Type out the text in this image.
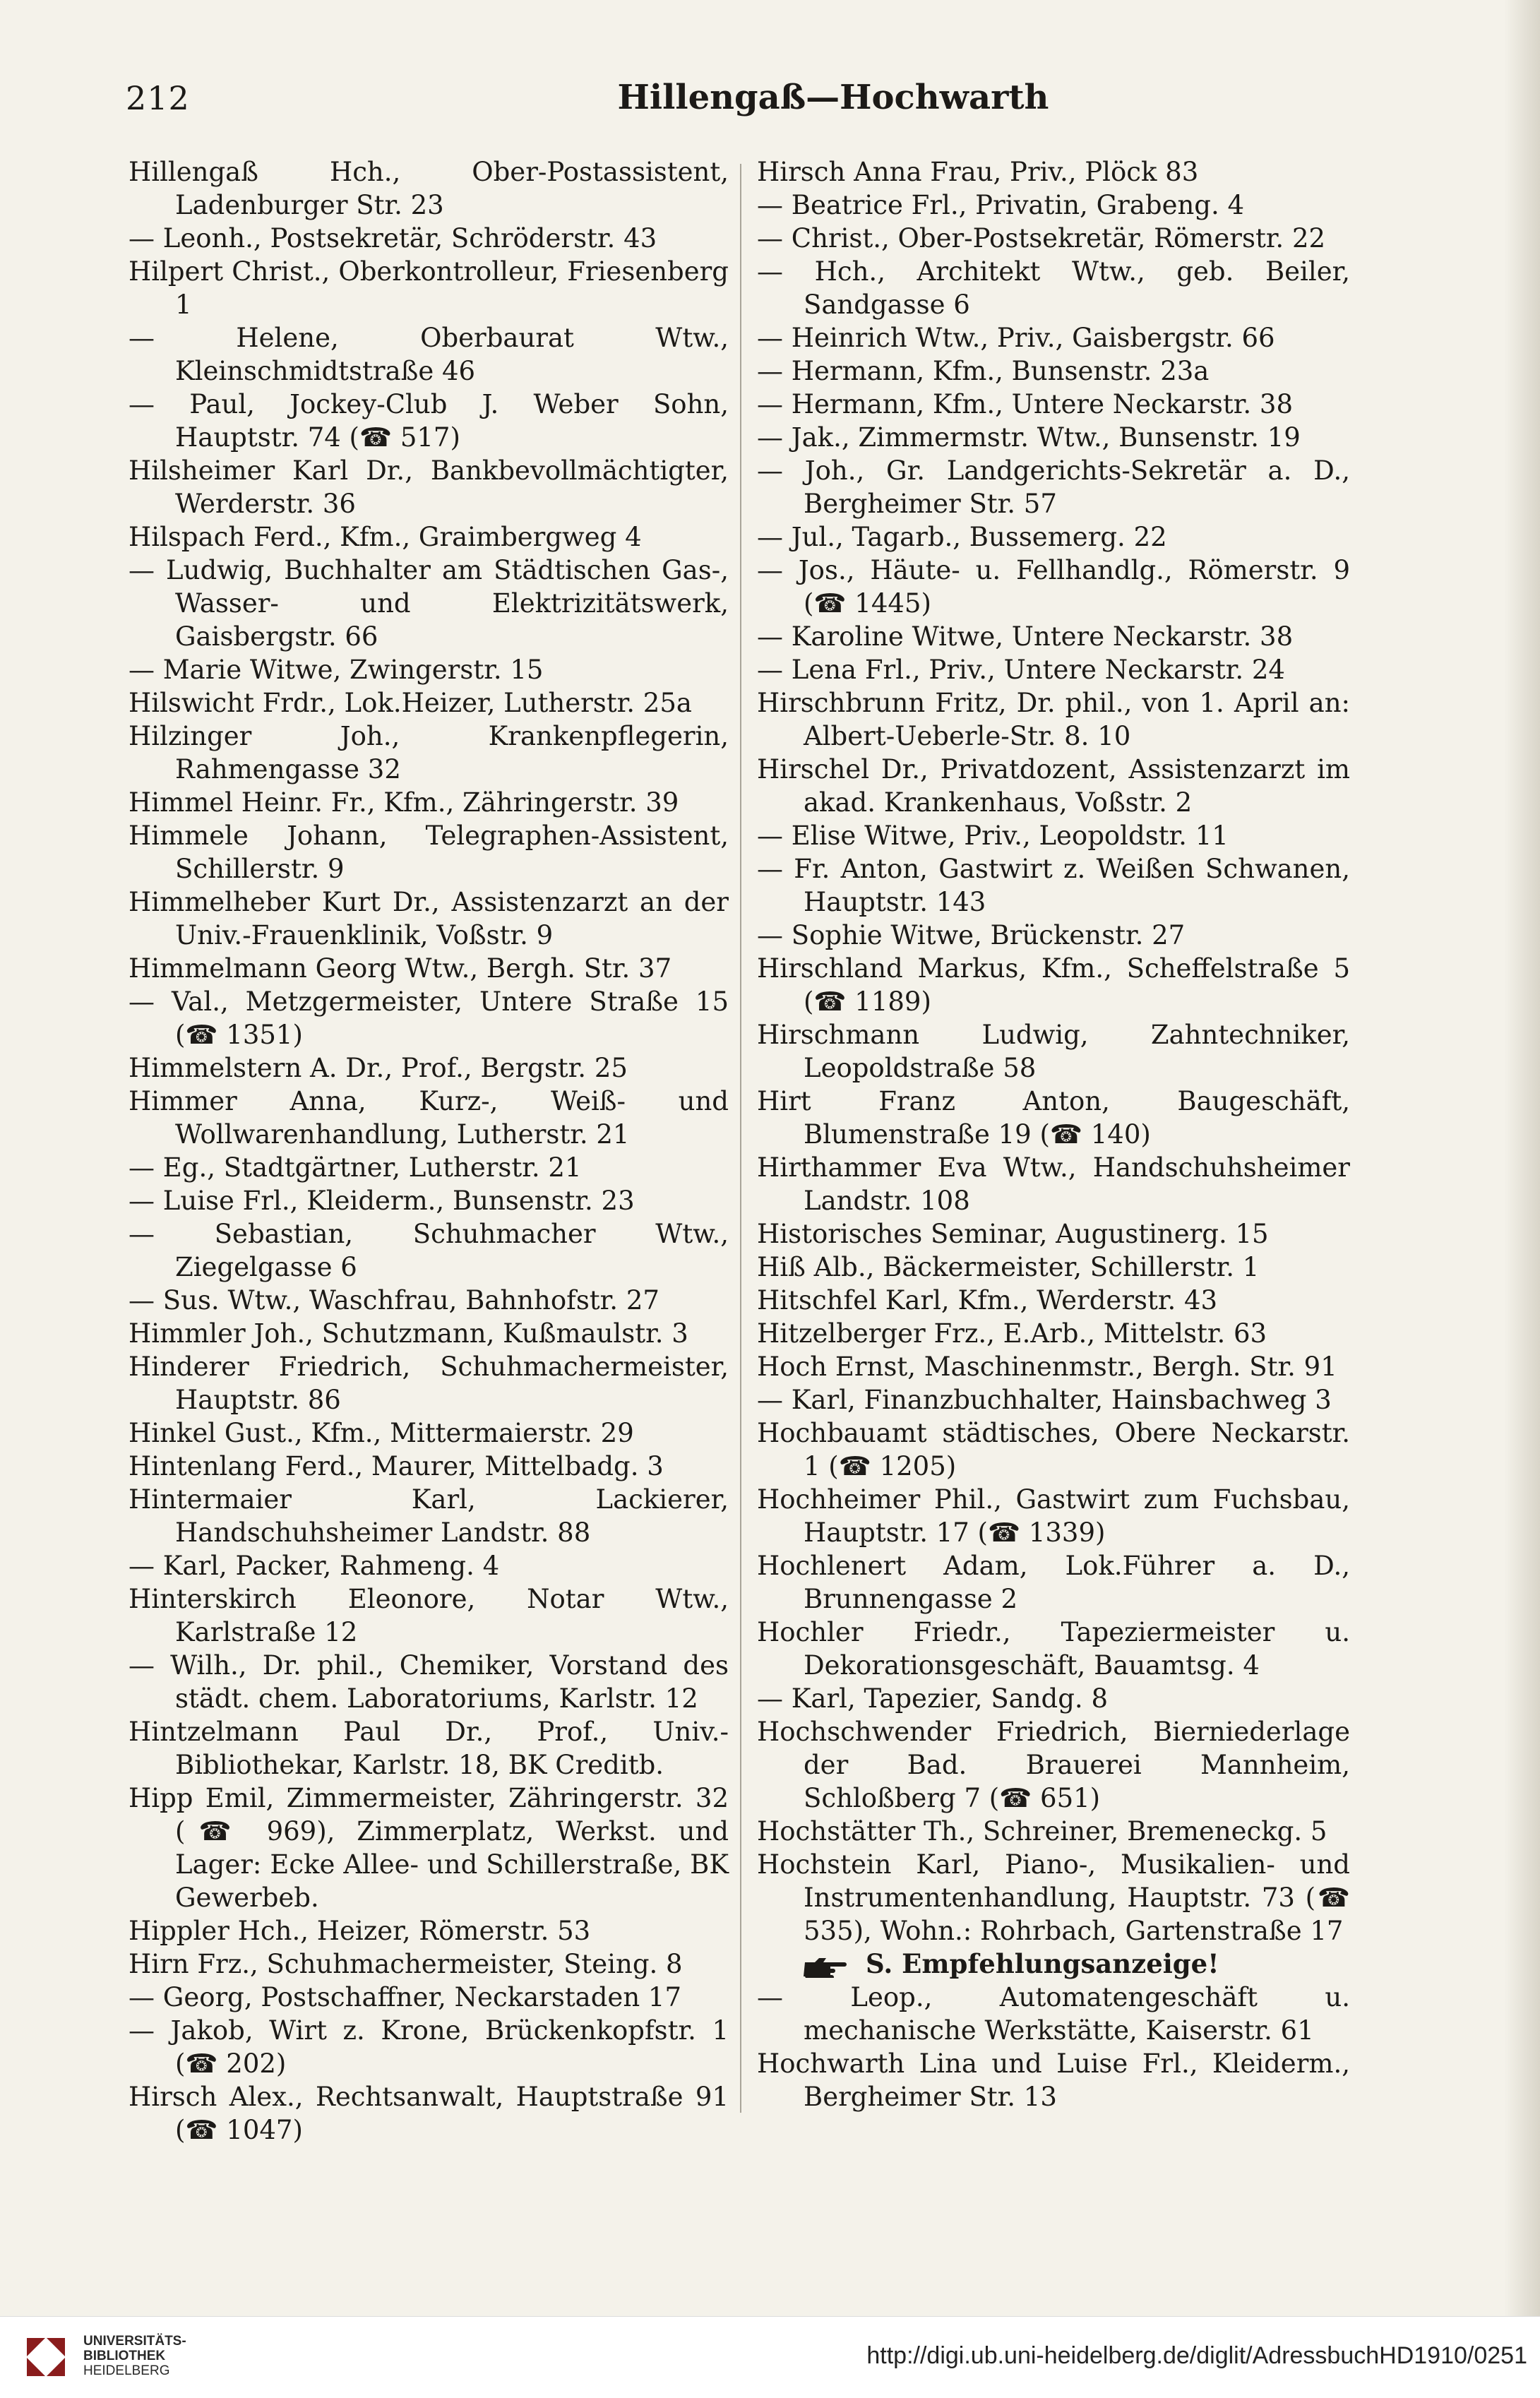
212	Hillengaß—Hochwarth
Hillengaß Hch., Ober-Postassistent, Ladenburger Str. 23
— Leonh., Postsekretär, Schröderstr. 43
Hilpert Christ., Oberkontrolleur, Friesenberg 1
— Helene, Oberbaurat Wtw., Kleinschmidtstraße 46
— Paul, Jockey-Club J. Weber Sohn, Hauptstr. 74 (☎ 517)
Hilsheimer Karl Dr., Bankbevollmächtigter, Werderstr. 36
Hilspach Ferd., Kfm., Graimbergweg 4
— Ludwig, Buchhalter am Städtischen Gas-, Wasser- und Elektrizitätswerk, Gaisbergstr. 66
— Marie Witwe, Zwingerstr. 15
Hilswicht Frdr., Lok.Heizer, Lutherstr. 25a
Hilzinger Joh., Krankenpflegerin, Rahmengasse 32
Himmel Heinr. Fr., Kfm., Zähringerstr. 39
Himmele Johann, Telegraphen-Assistent, Schillerstr. 9
Himmelheber Kurt Dr., Assistenzarzt an der Univ.-Frauenklinik, Voßstr. 9
Himmelmann Georg Wtw., Bergh. Str. 37
— Val., Metzgermeister, Untere Straße 15 (☎ 1351)
Himmelstern A. Dr., Prof., Bergstr. 25
Himmer Anna, Kurz-, Weiß- und Wollwarenhandlung, Lutherstr. 21
— Eg., Stadtgärtner, Lutherstr. 21
— Luise Frl., Kleiderm., Bunsenstr. 23
— Sebastian, Schuhmacher Wtw., Ziegelgasse 6
— Sus. Wtw., Waschfrau, Bahnhofstr. 27
Himmler Joh., Schutzmann, Kußmaulstr. 3
Hinderer Friedrich, Schuhmachermeister, Hauptstr. 86
Hinkel Gust., Kfm., Mittermaierstr. 29
Hintenlang Ferd., Maurer, Mittelbadg. 3
Hintermaier Karl, Lackierer, Handschuhsheimer Landstr. 88
— Karl, Packer, Rahmeng. 4
Hinterskirch Eleonore, Notar Wtw., Karlstraße 12
— Wilh., Dr. phil., Chemiker, Vorstand des städt. chem. Laboratoriums, Karlstr. 12
Hintzelmann Paul Dr., Prof., Univ.-Bibliothekar, Karlstr. 18, BK Creditb.
Hipp Emil, Zimmermeister, Zähringerstr. 32 (☎ 969), Zimmerplatz, Werkst. und Lager: Ecke Allee- und Schillerstraße, BK Gewerbeb.
Hippler Hch., Heizer, Römerstr. 53
Hirn Frz., Schuhmachermeister, Steing. 8
— Georg, Postschaffner, Neckarstaden 17
— Jakob, Wirt z. Krone, Brückenkopfstr. 1 (☎ 202)
Hirsch Alex., Rechtsanwalt, Hauptstraße 91 (☎ 1047)
Hirsch Anna Frau, Priv., Plöck 83
— Beatrice Frl., Privatin, Grabeng. 4
— Christ., Ober-Postsekretär, Römerstr. 22
— Hch., Architekt Wtw., geb. Beiler, Sandgasse 6
— Heinrich Wtw., Priv., Gaisbergstr. 66
— Hermann, Kfm., Bunsenstr. 23a
— Hermann, Kfm., Untere Neckarstr. 38
— Jak., Zimmermstr. Wtw., Bunsenstr. 19
— Joh., Gr. Landgerichts-Sekretär a. D., Bergheimer Str. 57
— Jul., Tagarb., Bussemerg. 22
— Jos., Häute- u. Fellhandlg., Römerstr. 9 (☎ 1445)
— Karoline Witwe, Untere Neckarstr. 38
— Lena Frl., Priv., Untere Neckarstr. 24
Hirschbrunn Fritz, Dr. phil., von 1. April an: Albert-Ueberle-Str. 8. 10
Hirschel Dr., Privatdozent, Assistenzarzt im akad. Krankenhaus, Voßstr. 2
— Elise Witwe, Priv., Leopoldstr. 11
— Fr. Anton, Gastwirt z. Weißen Schwanen, Hauptstr. 143
— Sophie Witwe, Brückenstr. 27
Hirschland Markus, Kfm., Scheffelstraße 5 (☎ 1189)
Hirschmann Ludwig, Zahntechniker, Leopoldstraße 58
Hirt Franz Anton, Baugeschäft, Blumenstraße 19 (☎ 140)
Hirthammer Eva Wtw., Handschuhsheimer Landstr. 108
Historisches Seminar, Augustinerg. 15
Hiß Alb., Bäckermeister, Schillerstr. 1
Hitschfel Karl, Kfm., Werderstr. 43
Hitzelberger Frz., E.Arb., Mittelstr. 63
Hoch Ernst, Maschinenmstr., Bergh. Str. 91
— Karl, Finanzbuchhalter, Hainsbachweg 3
Hochbauamt städtisches, Obere Neckarstr. 1 (☎ 1205)
Hochheimer Phil., Gastwirt zum Fuchsbau, Hauptstr. 17 (☎ 1339)
Hochlenert Adam, Lok.Führer a. D., Brunnengasse 2
Hochler Friedr., Tapeziermeister u. Dekorationsgeschäft, Bauamtsg. 4
— Karl, Tapezier, Sandg. 8
Hochschwender Friedrich, Bierniederlage der Bad. Brauerei Mannheim, Schloßberg 7 (☎ 651)
Hochstätter Th., Schreiner, Bremeneckg. 5
Hochstein Karl, Piano-, Musikalien- und Instrumentenhandlung, Hauptstr. 73 (☎ 535), Wohn.: Rohrbach, Gartenstraße 17
S. Empfehlungsanzeige!
— Leop., Automatengeschäft u. mechanische Werkstätte, Kaiserstr. 61
Hochwarth Lina und Luise Frl., Kleiderm., Bergheimer Str. 13
UNIVERSITÄTS-
BIBLIOTHEK
HEIDELBERG
http://digi.ub.uni-heidelberg.de/diglit/AdressbuchHD1910/0251
